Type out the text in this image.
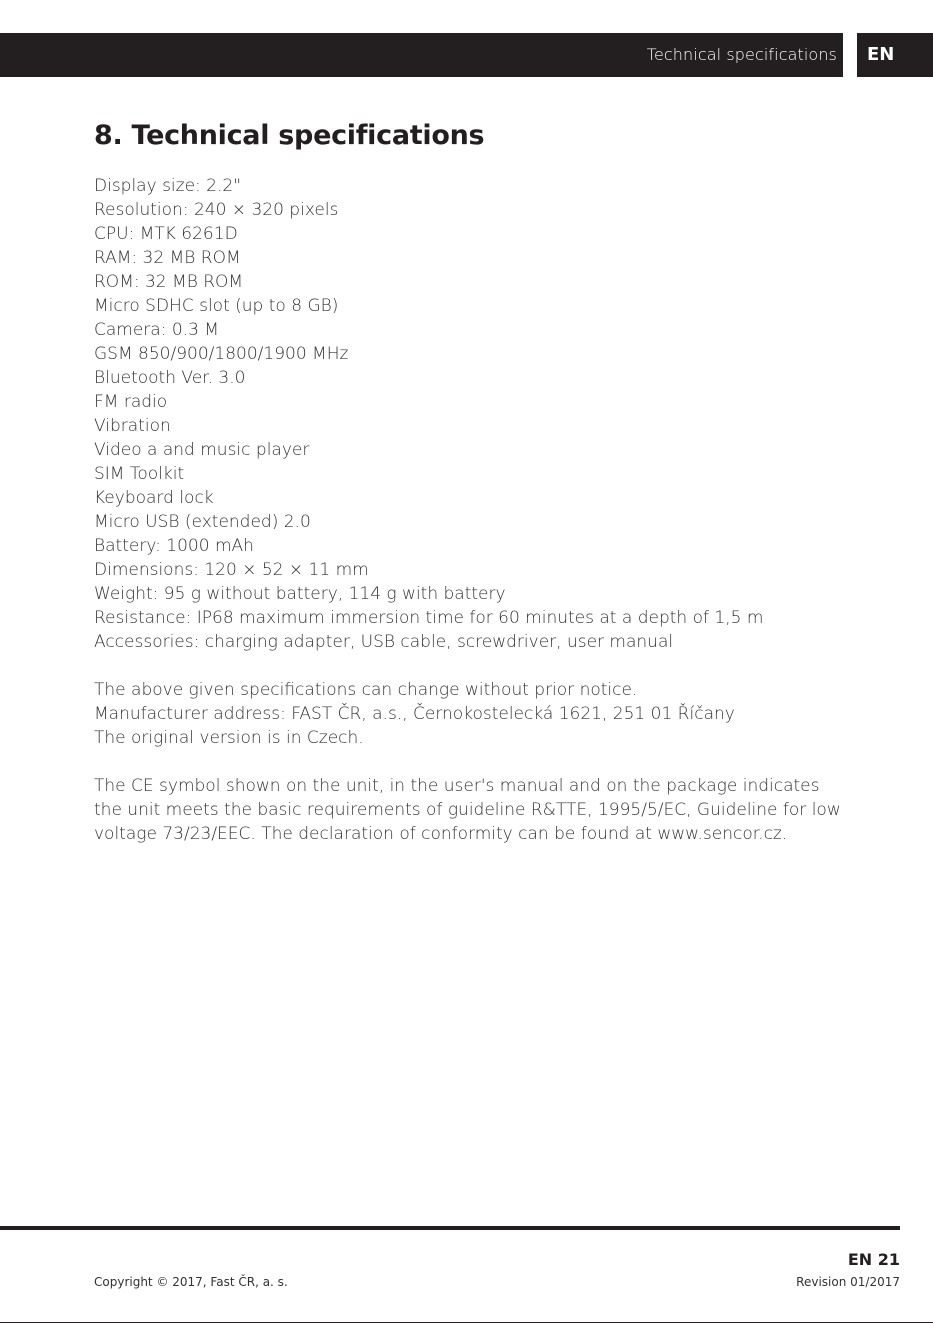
Technical specifications EN
8. Technical specifications
Display size: 2.2"
Resolution: 240 × 320 pixels
CPU: MTK 6261D
RAM: 32 MB ROM
ROM: 32 MB ROM
Micro SDHC slot (up to 8 GB)
Camera: 0.3 M
GSM 850/900/1800/1900 MHz
Bluetooth Ver. 3.0
FM radio
Vibration
Video a and music player
SIM Toolkit
Keyboard lock
Micro USB (extended) 2.0
Battery: 1000 mAh
Dimensions: 120 × 52 × 11 mm
Weight: 95 g without battery, 114 g with battery
Resistance: IP68 maximum immersion time for 60 minutes at a depth of 1,5 m
Accessories: charging adapter, USB cable, screwdriver, user manual
The above given specifications can change without prior notice.
Manufacturer address: FAST ČR, a.s., Černokostelecká 1621, 251 01 Říčany
The original version is in Czech.
The CE symbol shown on the unit, in the user's manual and on the package indicates
the unit meets the basic requirements of guideline R&TTE, 1995/5/EC, Guideline for low
voltage 73/23/EEC. The declaration of conformity can be found at www.sencor.cz.
EN 21
Copyright © 2017, Fast ČR, a. s.	Revision 01/2017
